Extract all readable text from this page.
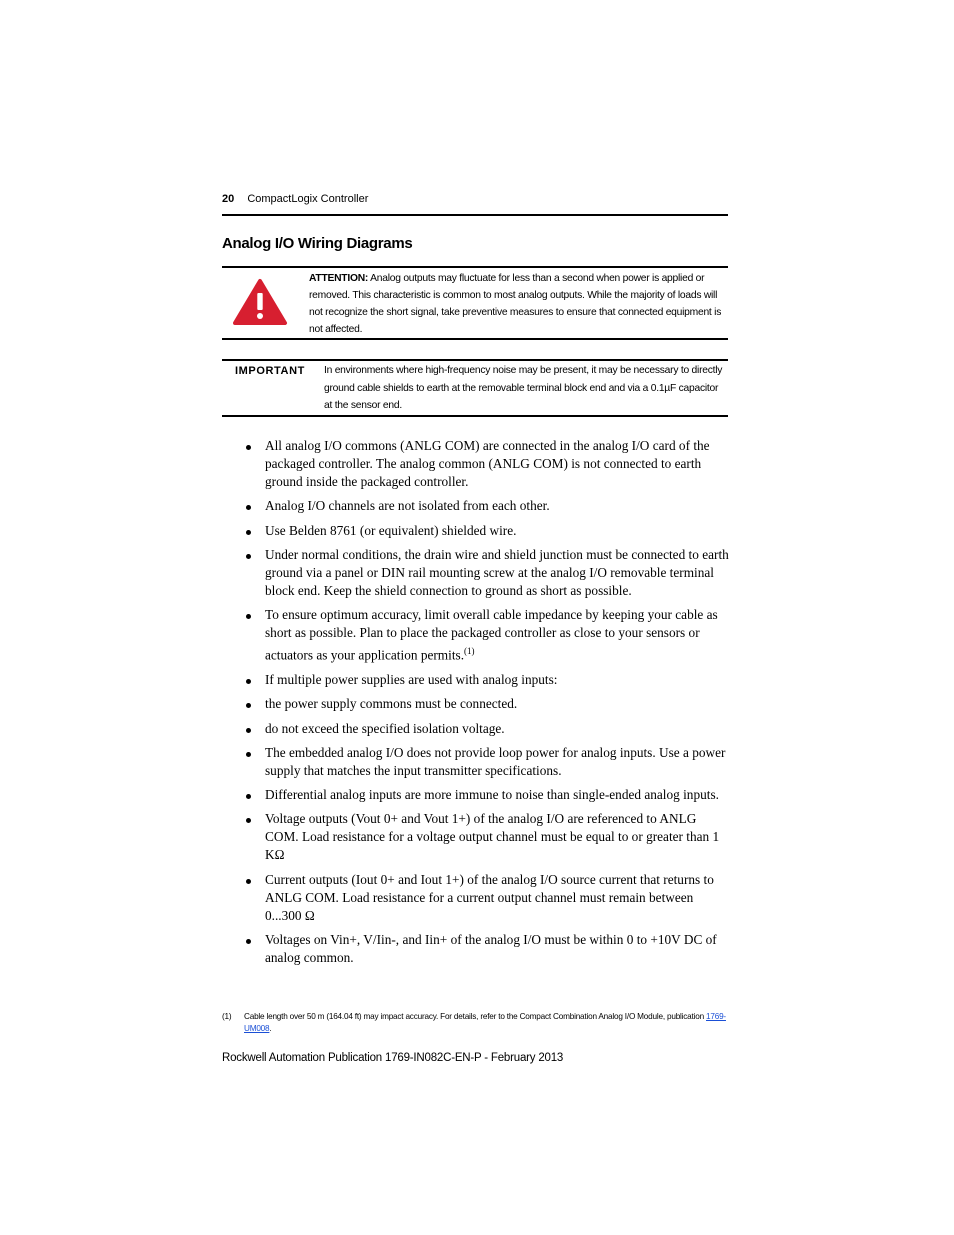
20 CompactLogix Controller
Analog I/O Wiring Diagrams
ATTENTION: Analog outputs may fluctuate for less than a second when power is applied or removed. This characteristic is common to most analog outputs. While the majority of loads will not recognize the short signal, take preventive measures to ensure that connected equipment is not affected.
IMPORTANT In environments where high-frequency noise may be present, it may be necessary to directly ground cable shields to earth at the removable terminal block end and via a 0.1µF capacitor at the sensor end.
All analog I/O commons (ANLG COM) are connected in the analog I/O card of the packaged controller. The analog common (ANLG COM) is not connected to earth ground inside the packaged controller.
Analog I/O channels are not isolated from each other.
Use Belden 8761 (or equivalent) shielded wire.
Under normal conditions, the drain wire and shield junction must be connected to earth ground via a panel or DIN rail mounting screw at the analog I/O removable terminal block end. Keep the shield connection to ground as short as possible.
To ensure optimum accuracy, limit overall cable impedance by keeping your cable as short as possible. Plan to place the packaged controller as close to your sensors or actuators as your application permits.$^{(1)}$
If multiple power supplies are used with analog inputs:
the power supply commons must be connected.
do not exceed the specified isolation voltage.
The embedded analog I/O does not provide loop power for analog inputs. Use a power supply that matches the input transmitter specifications.
Differential analog inputs are more immune to noise than single-ended analog inputs.
Voltage outputs (Vout 0+ and Vout 1+) of the analog I/O are referenced to ANLG COM. Load resistance for a voltage output channel must be equal to or greater than 1 KΩ
Current outputs (Iout 0+ and Iout 1+) of the analog I/O source current that returns to ANLG COM. Load resistance for a current output channel must remain between 0...300 Ω
Voltages on Vin+, V/Iin-, and Iin+ of the analog I/O must be within 0 to +10V DC of analog common.
(1) Cable length over 50 m (164.04 ft) may impact accuracy. For details, refer to the Compact Combination Analog I/O Module, publication 1769-UM008.
Rockwell Automation Publication 1769-IN082C-EN-P - February 2013
